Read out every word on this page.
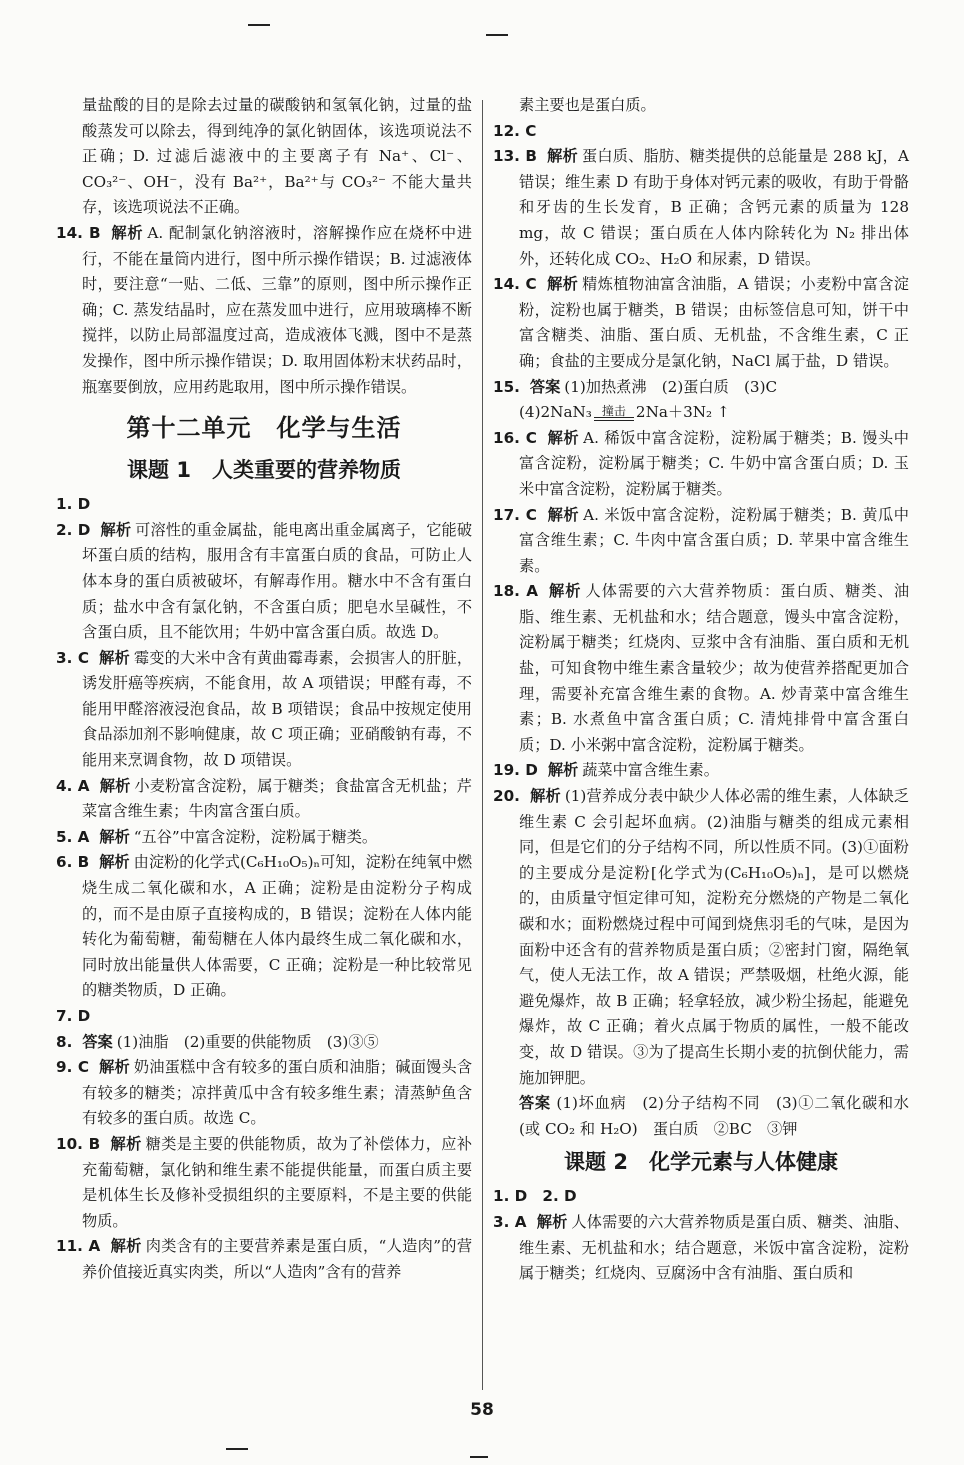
量盐酸的目的是除去过量的碳酸钠和氢氧化钠，过量的盐酸蒸发可以除去，得到纯净的氯化钠固体，该选项说法不正确；D. 过滤后滤液中的主要离子有 Na⁺、Cl⁻、CO₃²⁻、OH⁻，没有 Ba²⁺，Ba²⁺与 CO₃²⁻ 不能大量共存，该选项说法不正确。

14. B 解析 A. 配制氯化钠溶液时，溶解操作应在烧杯中进行，不能在量筒内进行，图中所示操作错误；B. 过滤液体时，要注意“一贴、二低、三靠”的原则，图中所示操作正确；C. 蒸发结晶时，应在蒸发皿中进行，应用玻璃棒不断搅拌，以防止局部温度过高，造成液体飞溅，图中不是蒸发操作，图中所示操作错误；D. 取用固体粉末状药品时，瓶塞要倒放，应用药匙取用，图中所示操作错误。

第十二单元　化学与生活
课题 1　人类重要的营养物质

1. D

2. D 解析 可溶性的重金属盐，能电离出重金属离子，它能破坏蛋白质的结构，服用含有丰富蛋白质的食品，可防止人体本身的蛋白质被破坏，有解毒作用。糖水中不含有蛋白质；盐水中含有氯化钠，不含蛋白质；肥皂水呈碱性，不含蛋白质，且不能饮用；牛奶中富含蛋白质。故选 D。

3. C 解析 霉变的大米中含有黄曲霉毒素，会损害人的肝脏，诱发肝癌等疾病，不能食用，故 A 项错误；甲醛有毒，不能用甲醛溶液浸泡食品，故 B 项错误；食品中按规定使用食品添加剂不影响健康，故 C 项正确；亚硝酸钠有毒，不能用来烹调食物，故 D 项错误。

4. A 解析 小麦粉富含淀粉，属于糖类；食盐富含无机盐；芹菜富含维生素；牛肉富含蛋白质。

5. A 解析 “五谷”中富含淀粉，淀粉属于糖类。

6. B 解析 由淀粉的化学式(C₆H₁₀O₅)ₙ可知，淀粉在纯氧中燃烧生成二氧化碳和水，A 正确；淀粉是由淀粉分子构成的，而不是由原子直接构成的，B 错误；淀粉在人体内能转化为葡萄糖，葡萄糖在人体内最终生成二氧化碳和水，同时放出能量供人体需要，C 正确；淀粉是一种比较常见的糖类物质，D 正确。

7. D

8. 答案 (1)油脂　(2)重要的供能物质　(3)③⑤

9. C 解析 奶油蛋糕中含有较多的蛋白质和油脂；碱面馒头含有较多的糖类；凉拌黄瓜中含有较多维生素；清蒸鲈鱼含有较多的蛋白质。故选 C。

10. B 解析 糖类是主要的供能物质，故为了补偿体力，应补充葡萄糖，氯化钠和维生素不能提供能量，而蛋白质主要是机体生长及修补受损组织的主要原料，不是主要的供能物质。

11. A 解析 肉类含有的主要营养素是蛋白质，“人造肉”的营养价值接近真实肉类，所以“人造肉”含有的营养

素主要也是蛋白质。

12. C

13. B 解析 蛋白质、脂肪、糖类提供的总能量是 288 kJ，A 错误；维生素 D 有助于身体对钙元素的吸收，有助于骨骼和牙齿的生长发育，B 正确；含钙元素的质量为 128 mg，故 C 错误；蛋白质在人体内除转化为 N₂ 排出体外，还转化成 CO₂、H₂O 和尿素，D 错误。

14. C 解析 精炼植物油富含油脂，A 错误；小麦粉中富含淀粉，淀粉也属于糖类，B 错误；由标签信息可知，饼干中富含糖类、油脂、蛋白质、无机盐，不含维生素，C 正确；食盐的主要成分是氯化钠，NaCl 属于盐，D 错误。

15. 答案 (1)加热煮沸　(2)蛋白质　(3)C

(4)2NaN₃ 撞击 2Na＋3N₂ ↑

16. C 解析 A. 稀饭中富含淀粉，淀粉属于糖类；B. 馒头中富含淀粉，淀粉属于糖类；C. 牛奶中富含蛋白质；D. 玉米中富含淀粉，淀粉属于糖类。

17. C 解析 A. 米饭中富含淀粉，淀粉属于糖类；B. 黄瓜中富含维生素；C. 牛肉中富含蛋白质；D. 苹果中富含维生素。

18. A 解析 人体需要的六大营养物质：蛋白质、糖类、油脂、维生素、无机盐和水；结合题意，馒头中富含淀粉，淀粉属于糖类；红烧肉、豆浆中含有油脂、蛋白质和无机盐，可知食物中维生素含量较少；故为使营养搭配更加合理，需要补充富含维生素的食物。A. 炒青菜中富含维生素；B. 水煮鱼中富含蛋白质；C. 清炖排骨中富含蛋白质；D. 小米粥中富含淀粉，淀粉属于糖类。

19. D 解析 蔬菜中富含维生素。

20. 解析 (1)营养成分表中缺少人体必需的维生素，人体缺乏维生素 C 会引起坏血病。(2)油脂与糖类的组成元素相同，但是它们的分子结构不同，所以性质不同。(3)①面粉的主要成分是淀粉[化学式为(C₆H₁₀O₅)ₙ]，是可以燃烧的，由质量守恒定律可知，淀粉充分燃烧的产物是二氧化碳和水；面粉燃烧过程中可闻到烧焦羽毛的气味，是因为面粉中还含有的营养物质是蛋白质；②密封门窗，隔绝氧气，使人无法工作，故 A 错误；严禁吸烟，杜绝火源，能避免爆炸，故 B 正确；轻拿轻放，减少粉尘扬起，能避免爆炸，故 C 正确；着火点属于物质的属性，一般不能改变，故 D 错误。③为了提高生长期小麦的抗倒伏能力，需施加钾肥。

答案 (1)坏血病　(2)分子结构不同　(3)①二氧化碳和水(或 CO₂ 和 H₂O)　蛋白质　②BC　③钾

课题 2　化学元素与人体健康

1. D　2. D

3. A 解析 人体需要的六大营养物质是蛋白质、糖类、油脂、维生素、无机盐和水；结合题意，米饭中富含淀粉，淀粉属于糖类；红烧肉、豆腐汤中含有油脂、蛋白质和

58
